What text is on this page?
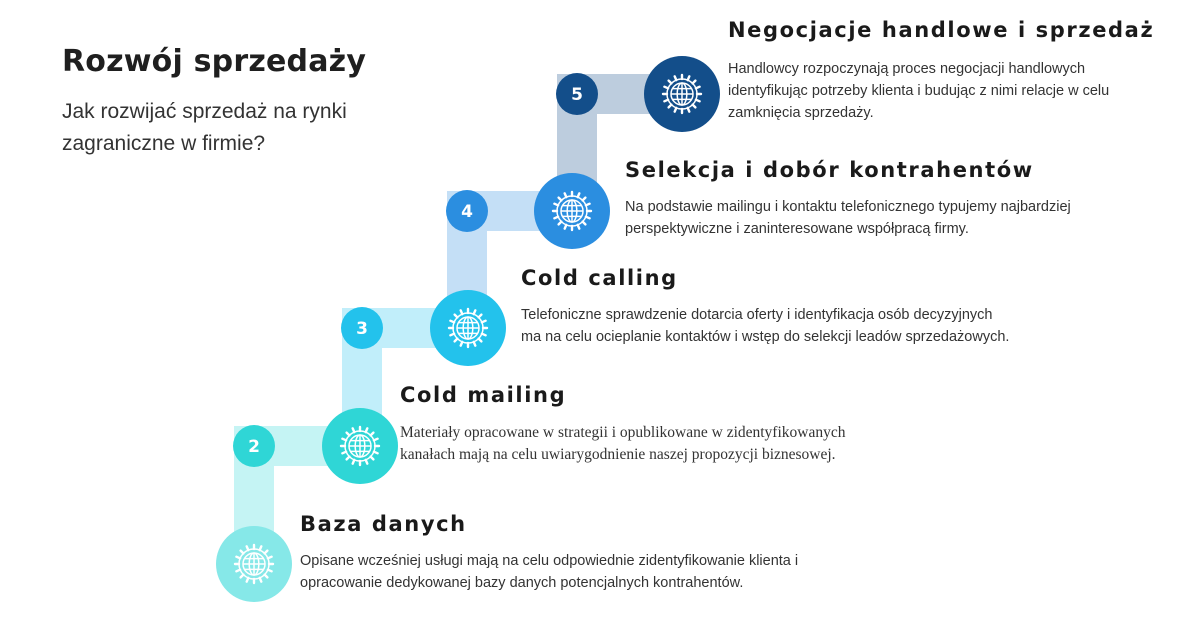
Rozwój sprzedaży
Jak rozwijać sprzedaż na rynki zagraniczne w firmie?
2
3
4
5
Baza danych
Opisane wcześniej usługi mają na celu odpowiednie zidentyfikowanie klienta i opracowanie dedykowanej bazy danych potencjalnych kontrahentów.
Cold mailing
Materiały opracowane w strategii i opublikowane w zidentyfikowanych kanałach mają na celu uwiarygodnienie naszej propozycji biznesowej.
Cold calling
Telefoniczne sprawdzenie dotarcia oferty i identyfikacja osób decyzyjnych ma na celu ocieplanie kontaktów i wstęp do selekcji leadów sprzedażowych.
Selekcja i dobór kontrahentów
Na podstawie mailingu i kontaktu telefonicznego typujemy najbardziej perspektywiczne i zaninteresowane współpracą firmy.
Negocjacje handlowe i sprzedaż
Handlowcy rozpoczynają proces negocjacji handlowych identyfikując potrzeby klienta i budując z nimi relacje w celu zamknięcia sprzedaży.
